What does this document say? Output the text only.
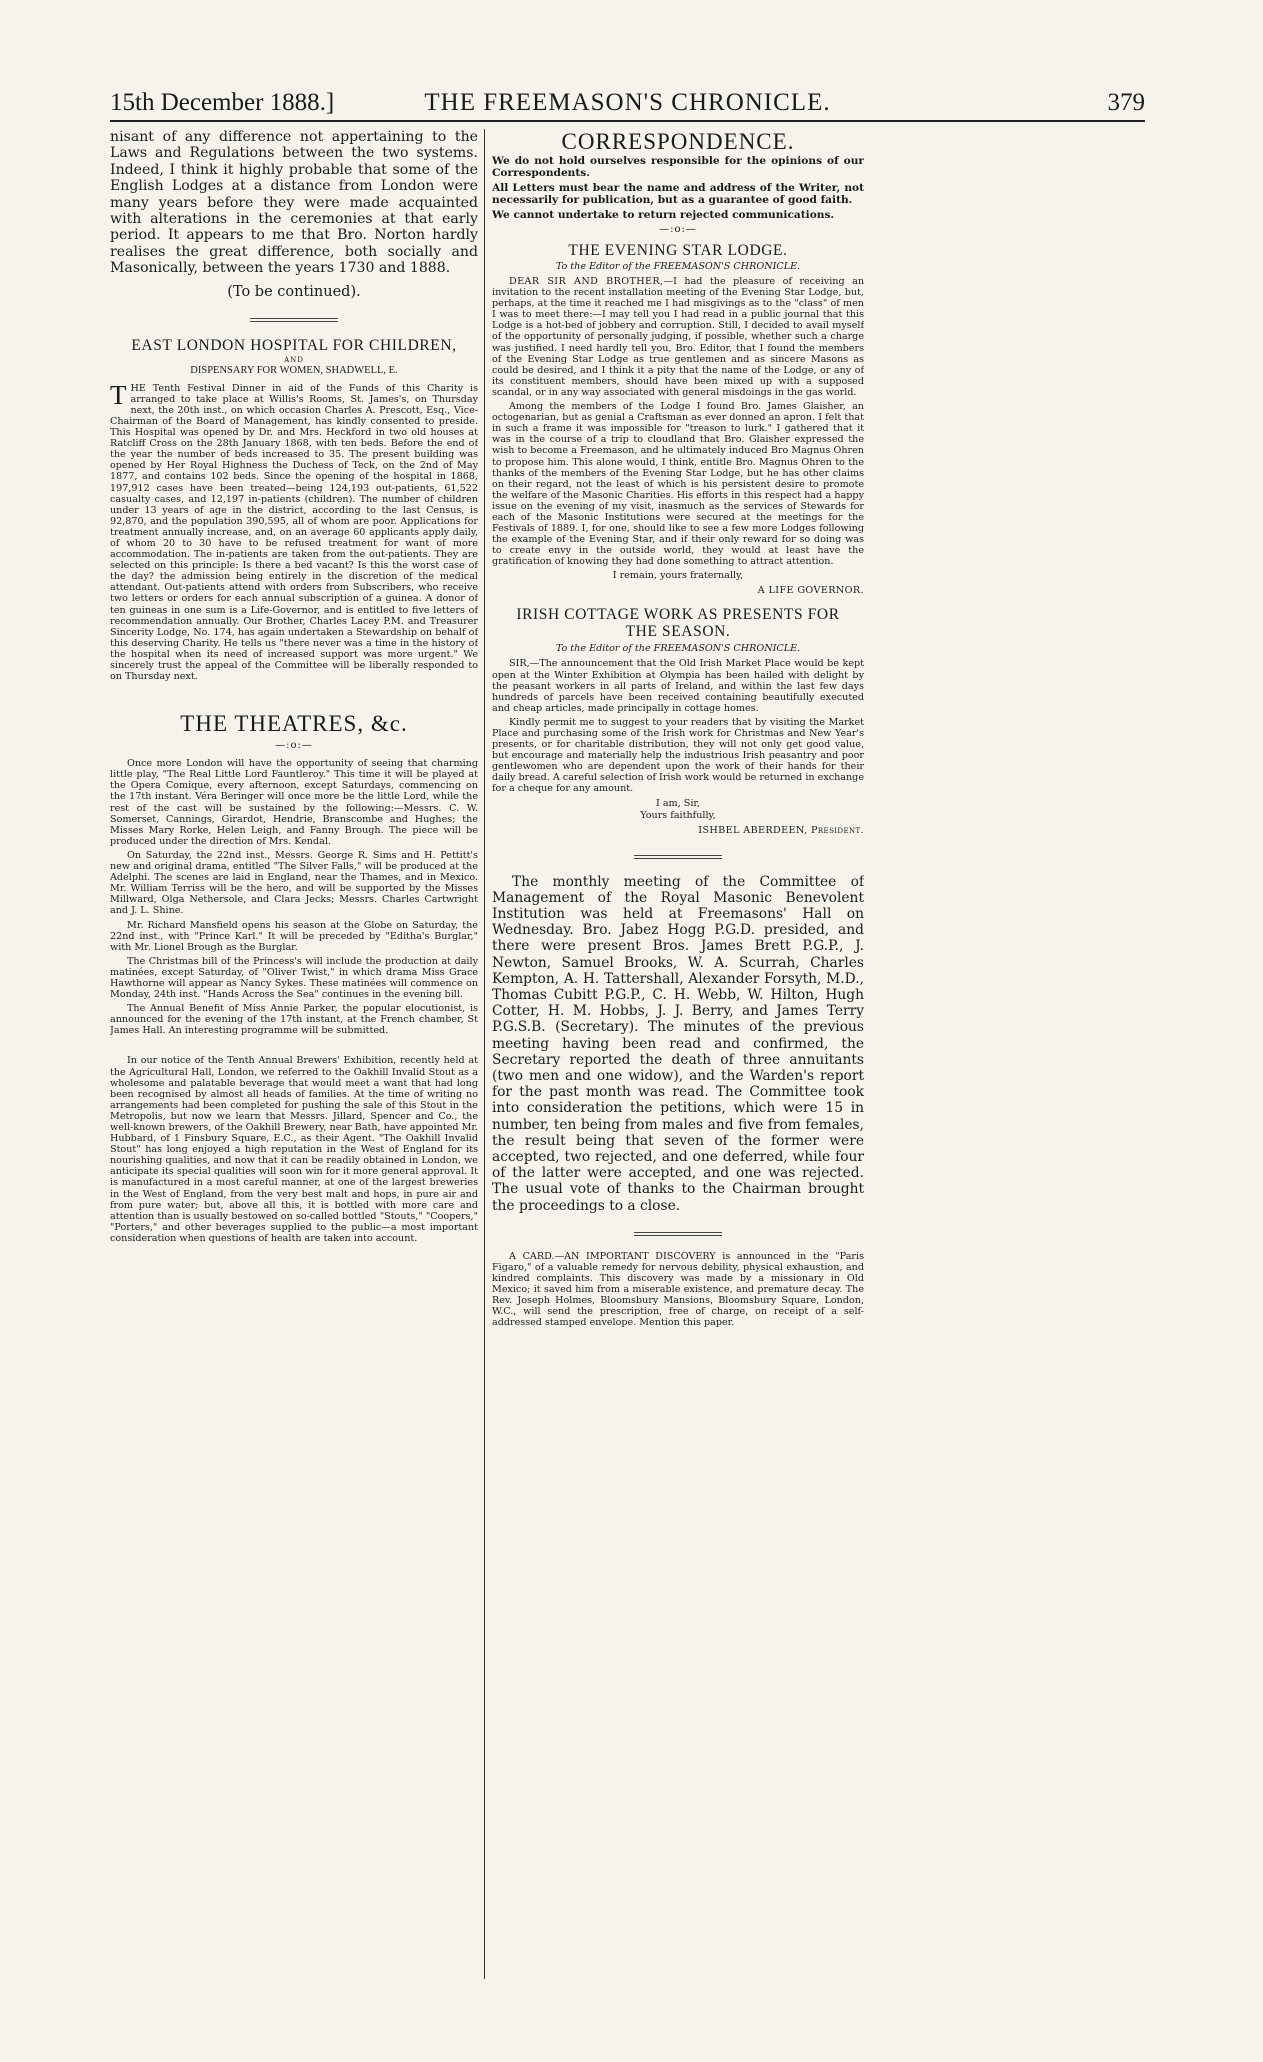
15th December 1888.]	THE FREEMASON'S CHRONICLE.	379

nisant of any difference not appertaining to the Laws and Regulations between the two systems. Indeed, I think it highly probable that some of the English Lodges at a distance from London were many years before they were made acquainted with alterations in the ceremonies at that early period. It appears to me that Bro. Norton hardly realises the great difference, both socially and Masonically, between the years 1730 and 1888.

(To be continued).
EAST LONDON HOSPITAL FOR CHILDREN,
AND
DISPENSARY FOR WOMEN, SHADWELL, E.

THE Tenth Festival Dinner in aid of the Funds of this Charity is arranged to take place at Willis's Rooms, St. James's, on Thursday next, the 20th inst., on which occasion Charles A. Prescott, Esq., Vice-Chairman of the Board of Management, has kindly consented to preside. This Hospital was opened by Dr. and Mrs. Heckford in two old houses at Ratcliff Cross on the 28th January 1868, with ten beds. Before the end of the year the number of beds increased to 35. The present building was opened by Her Royal Highness the Duchess of Teck, on the 2nd of May 1877, and contains 102 beds. Since the opening of the hospital in 1868, 197,912 cases have been treated—being 124,193 out-patients, 61,522 casualty cases, and 12,197 in-patients (children). The number of children under 13 years of age in the district, according to the last Census, is 92,870, and the population 390,595, all of whom are poor. Applications for treatment annually increase, and, on an average 60 applicants apply daily, of whom 20 to 30 have to be refused treatment for want of more accommodation. The in-patients are taken from the out-patients. They are selected on this principle: Is there a bed vacant? Is this the worst case of the day? the admission being entirely in the discretion of the medical attendant. Out-patients attend with orders from Subscribers, who receive two letters or orders for each annual subscription of a guinea. A donor of ten guineas in one sum is a Life-Governor, and is entitled to five letters of recommendation annually. Our Brother, Charles Lacey P.M. and Treasurer Sincerity Lodge, No. 174, has again undertaken a Stewardship on behalf of this deserving Charity. He tells us "there never was a time in the history of the hospital when its need of increased support was more urgent." We sincerely trust the appeal of the Committee will be liberally responded to on Thursday next.

THE THEATRES, &c.
—:o:—

Once more London will have the opportunity of seeing that charming little play, "The Real Little Lord Fauntleroy." This time it will be played at the Opera Comique, every afternoon, except Saturdays, commencing on the 17th instant. Véra Beringer will once more be the little Lord, while the rest of the cast will be sustained by the following:—Messrs. C. W. Somerset, Cannings, Girardot, Hendrie, Branscombe and Hughes; the Misses Mary Rorke, Helen Leigh, and Fanny Brough. The piece will be produced under the direction of Mrs. Kendal.

On Saturday, the 22nd inst., Messrs. George R. Sims and H. Pettitt's new and original drama, entitled "The Silver Falls," will be produced at the Adelphi. The scenes are laid in England, near the Thames, and in Mexico. Mr. William Terriss will be the hero, and will be supported by the Misses Millward, Olga Nethersole, and Clara Jecks; Messrs. Charles Cartwright and J. L. Shine.

Mr. Richard Mansfield opens his season at the Globe on Saturday, the 22nd inst., with "Prince Karl." It will be preceded by "Editha's Burglar," with Mr. Lionel Brough as the Burglar.

The Christmas bill of the Princess's will include the production at daily matinées, except Saturday, of "Oliver Twist," in which drama Miss Grace Hawthorne will appear as Nancy Sykes. These matinées will commence on Monday, 24th inst. "Hands Across the Sea" continues in the evening bill.

The Annual Benefit of Miss Annie Parker, the popular elocutionist, is announced for the evening of the 17th instant, at the French chamber, St James Hall. An interesting programme will be submitted.

In our notice of the Tenth Annual Brewers' Exhibition, recently held at the Agricultural Hall, London, we referred to the Oakhill Invalid Stout as a wholesome and palatable beverage that would meet a want that had long been recognised by almost all heads of families. At the time of writing no arrangements had been completed for pushing the sale of this Stout in the Metropolis, but now we learn that Messrs. Jillard, Spencer and Co., the well-known brewers, of the Oakhill Brewery, near Bath, have appointed Mr. Hubbard, of 1 Finsbury Square, E.C., as their Agent. "The Oakhill Invalid Stout" has long enjoyed a high reputation in the West of England for its nourishing qualities, and now that it can be readily obtained in London, we anticipate its special qualities will soon win for it more general approval. It is manufactured in a most careful manner, at one of the largest breweries in the West of England, from the very best malt and hops, in pure air and from pure water; but, above all this, it is bottled with more care and attention than is usually bestowed on so-called bottled "Stouts," "Coopers," "Porters," and other beverages supplied to the public—a most important consideration when questions of health are taken into account.

CORRESPONDENCE.

We do not hold ourselves responsible for the opinions of our Correspondents.

All Letters must bear the name and address of the Writer, not necessarily for publication, but as a guarantee of good faith.

We cannot undertake to return rejected communications.

—:o:—
THE EVENING STAR LODGE.
To the Editor of the FREEMASON'S CHRONICLE.

DEAR SIR AND BROTHER,—I had the pleasure of receiving an invitation to the recent installation meeting of the Evening Star Lodge, but, perhaps, at the time it reached me I had misgivings as to the "class" of men I was to meet there:—I may tell you I had read in a public journal that this Lodge is a hot-bed of jobbery and corruption. Still, I decided to avail myself of the opportunity of personally judging, if possible, whether such a charge was justified. I need hardly tell you, Bro. Editor, that I found the members of the Evening Star Lodge as true gentlemen and as sincere Masons as could be desired, and I think it a pity that the name of the Lodge, or any of its constituent members, should have been mixed up with a supposed scandal, or in any way associated with general misdoings in the gas world.

Among the members of the Lodge I found Bro. James Glaisher, an octogenarian, but as genial a Craftsman as ever donned an apron. I felt that in such a frame it was impossible for "treason to lurk." I gathered that it was in the course of a trip to cloudland that Bro. Glaisher expressed the wish to become a Freemason, and he ultimately induced Bro Magnus Ohren to propose him. This alone would, I think, entitle Bro. Magnus Ohren to the thanks of the members of the Evening Star Lodge, but he has other claims on their regard, not the least of which is his persistent desire to promote the welfare of the Masonic Charities. His efforts in this respect had a happy issue on the evening of my visit, inasmuch as the services of Stewards for each of the Masonic Institutions were secured at the meetings for the Festivals of 1889. I, for one, should like to see a few more Lodges following the example of the Evening Star, and if their only reward for so doing was to create envy in the outside world, they would at least have the gratification of knowing they had done something to attract attention.

I remain, yours fraternally,
A LIFE GOVERNOR.
IRISH COTTAGE WORK AS PRESENTS FOR
THE SEASON.
To the Editor of the FREEMASON'S CHRONICLE.

SIR,—The announcement that the Old Irish Market Place would be kept open at the Winter Exhibition at Olympia has been hailed with delight by the peasant workers in all parts of Ireland, and within the last few days hundreds of parcels have been received containing beautifully executed and cheap articles, made principally in cottage homes.

Kindly permit me to suggest to your readers that by visiting the Market Place and purchasing some of the Irish work for Christmas and New Year's presents, or for charitable distribution, they will not only get good value, but encourage and materially help the industrious Irish peasantry and poor gentlewomen who are dependent upon the work of their hands for their daily bread. A careful selection of Irish work would be returned in exchange for a cheque for any amount.

I am, Sir,
Yours faithfully,
ISHBEL ABERDEEN, President.

The monthly meeting of the Committee of Management of the Royal Masonic Benevolent Institution was held at Freemasons' Hall on Wednesday. Bro. Jabez Hogg P.G.D. presided, and there were present Bros. James Brett P.G.P., J. Newton, Samuel Brooks, W. A. Scurrah, Charles Kempton, A. H. Tattershall, Alexander Forsyth, M.D., Thomas Cubitt P.G.P., C. H. Webb, W. Hilton, Hugh Cotter, H. M. Hobbs, J. J. Berry, and James Terry P.G.S.B. (Secretary). The minutes of the previous meeting having been read and confirmed, the Secretary reported the death of three annuitants (two men and one widow), and the Warden's report for the past month was read. The Committee took into consideration the petitions, which were 15 in number, ten being from males and five from females, the result being that seven of the former were accepted, two rejected, and one deferred, while four of the latter were accepted, and one was rejected. The usual vote of thanks to the Chairman brought the proceedings to a close.

A CARD.—AN IMPORTANT DISCOVERY is announced in the "Paris Figaro," of a valuable remedy for nervous debility, physical exhaustion, and kindred complaints. This discovery was made by a missionary in Old Mexico; it saved him from a miserable existence, and premature decay. The Rev. Joseph Holmes, Bloomsbury Mansions, Bloomsbury Square, London, W.C., will send the prescription, free of charge, on receipt of a self-addressed stamped envelope. Mention this paper.
